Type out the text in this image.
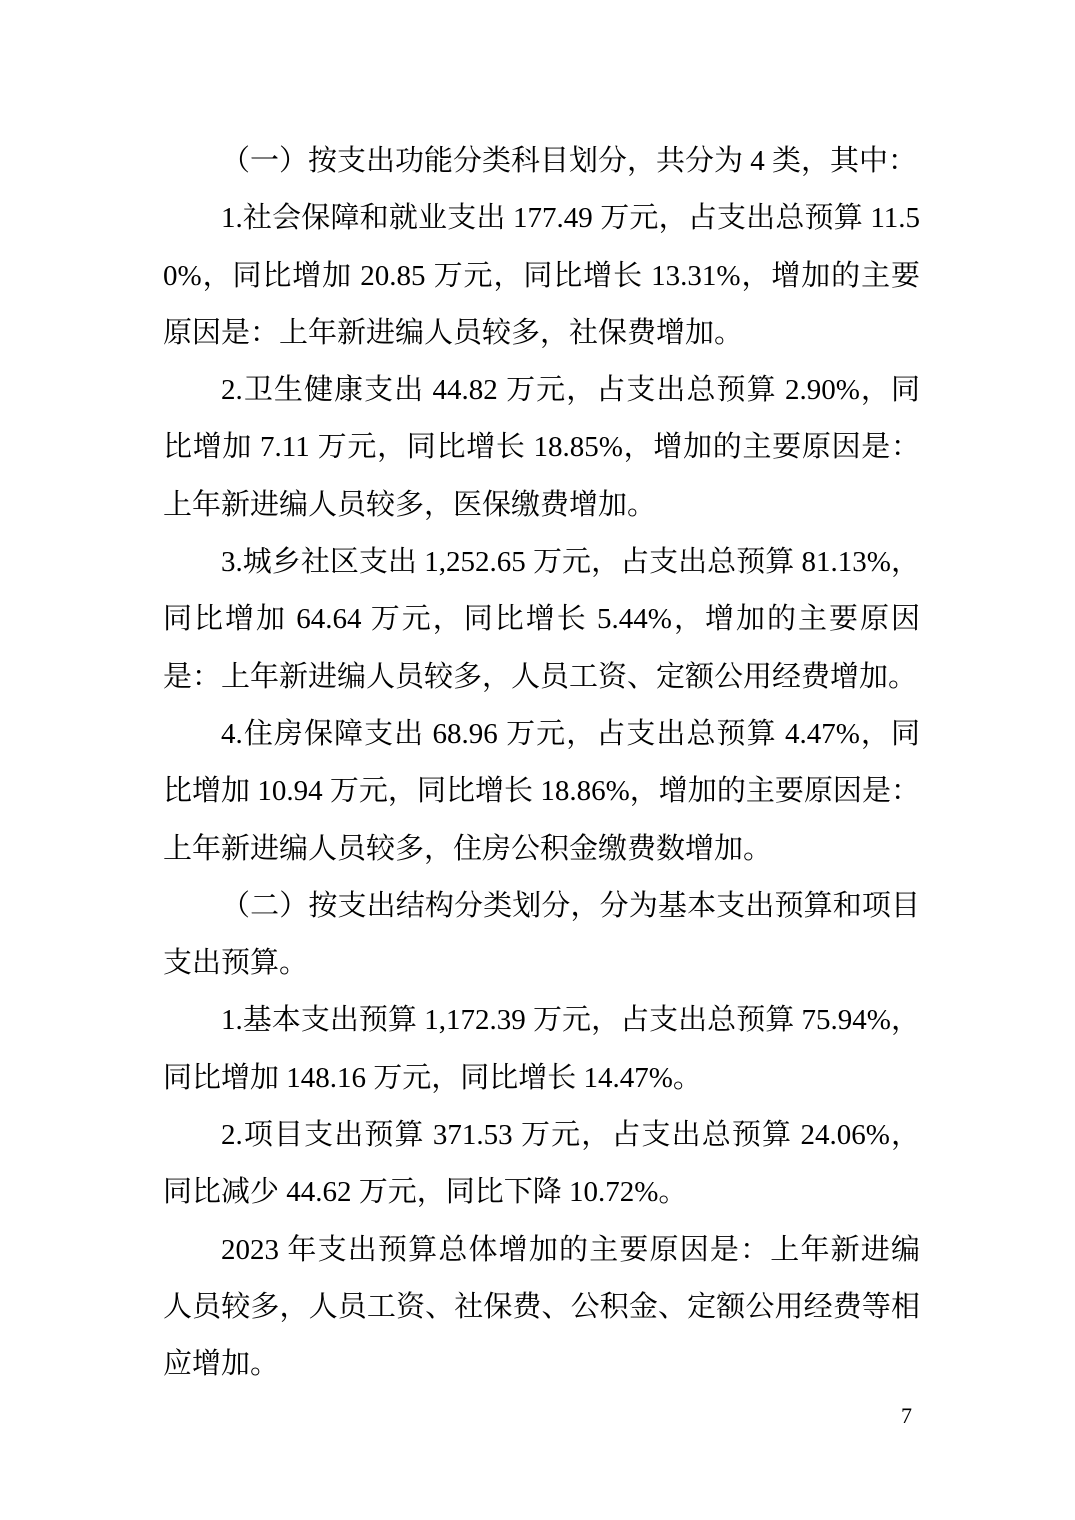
（一）按支出功能分类科目划分，共分为 4 类，其中：

1.社会保障和就业支出 177.49 万元，占支出总预算 11.50%，同比增加 20.85 万元，同比增长 13.31%，增加的主要原因是：上年新进编人员较多，社保费增加。

2.卫生健康支出 44.82 万元，占支出总预算 2.90%，同比增加 7.11 万元，同比增长 18.85%，增加的主要原因是：上年新进编人员较多，医保缴费增加。

3.城乡社区支出 1,252.65 万元，占支出总预算 81.13%，同比增加 64.64 万元，同比增长 5.44%，增加的主要原因是：上年新进编人员较多，人员工资、定额公用经费增加。

4.住房保障支出 68.96 万元，占支出总预算 4.47%，同比增加 10.94 万元，同比增长 18.86%，增加的主要原因是：上年新进编人员较多，住房公积金缴费数增加。

（二）按支出结构分类划分，分为基本支出预算和项目支出预算。

1.基本支出预算 1,172.39 万元，占支出总预算 75.94%，同比增加 148.16 万元，同比增长 14.47%。

2.项目支出预算 371.53 万元，占支出总预算 24.06%，同比减少 44.62 万元，同比下降 10.72%。

2023 年支出预算总体增加的主要原因是：上年新进编人员较多，人员工资、社保费、公积金、定额公用经费等相应增加。

7
